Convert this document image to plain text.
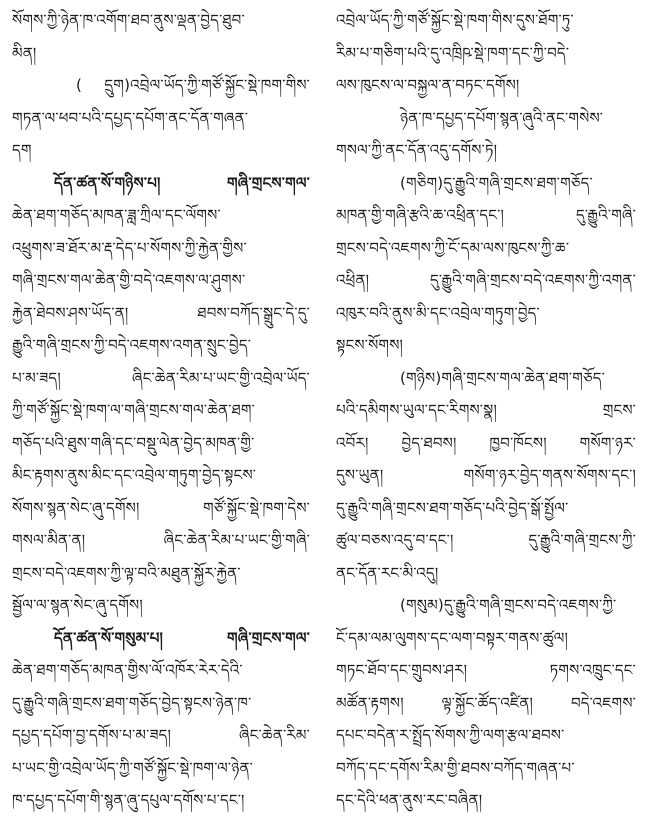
སོགས་ཀྱི་ཉེན་ཁ་འགོག་ཐབ་ནུས་ལྡན་བྱེད་ཐུབ་
མིན།
( དྲུག)འབྲེལ་ཡོད་ཀྱི་གཙོ་སྐྱོང་སྡེ་ཁག་གིས་
གཏན་ལ་ཕབ་པའི་དཔྱད་དཔོག་ནང་དོན་གཞན་
དག
དོན་ཚན་སོ་གཉིས་པ། གཞི་གྲངས་གལ་
ཆེན་ཐག་གཅོད་མཁན་ཟླ་ཀྲིལ་དང་ལོགས་
འཕྲུགས་ཟ་ཐོར་མ་རྡ་དེད་པ་སོགས་ཀྱི་རྐྱེན་གྱིས་
གཞི་གྲངས་གལ་ཆེན་གྱི་བདེ་འཇགས་ལ་ཤུགས་
རྐྱེན་ཐེབས་ཤས་ཡོད་ན། ཐབས་བཀོད་སྒྲུང་དེ་དུ་
རྒྱུའི་གཞི་གྲངས་ཀྱི་བདེ་འཇགས་འགན་སྲུང་བྱེད་
པ་མ་ཟད། ཞིང་ཆེན་རིམ་པ་ཡང་གྱི་འབྲེལ་ཡོད་
ཀྱི་གཙོ་སྐྱོང་སྡེ་ཁག་ལ་གཞི་གྲངས་གལ་ཆེན་ཐག་
གཅོད་པའི་ཐུས་གཞི་དང་བསྡུ་ལེན་བྱེད་མཁན་གྱི་
མིང་རྟགས་ནུས་མིང་དང་འབྲེལ་གཏུག་བྱེད་སྟངས་
སོགས་སྙན་སེང་ཞུ་དགོས། གཙོ་སྐྱོང་སྡེ་ཁག་དེས་
གསལ་མིན་ན། ཞིང་ཆེན་རིམ་པ་ཡང་གྱི་གཞི་
གྲངས་བདེ་འཇགས་ཀྱི་ལྟ་བའི་མཐུན་སྐྱོར་རྐྱེན་
སྦྱོལ་ལ་སྙན་སེང་ཞུ་དགོས།
དོན་ཚན་སོ་གསུམ་པ། གཞི་གྲངས་གལ་
ཆེན་ཐག་གཅོད་མཁན་གྱིས་ལོ་འཁོར་རེར་དེའི་
དུ་རྒྱུའི་གཞི་གྲངས་ཐག་གཅོད་བྱེད་སྟངས་ཉེན་ཁ་
དཔྱད་དཔོག་བྱ་དགོས་པ་མ་ཟད། ཞིང་ཆེན་རིམ་
པ་ཡང་གྱི་འབྲེལ་ཡོད་ཀྱི་གཙོ་སྐྱོང་སྡེ་ཁག་ལ་ཉེན་
ཁ་དཔྱད་དཔོག་གི་སྙན་ཞུ་དཔུལ་དགོས་པ་དང་།
འབྲེལ་ཡོད་ཀྱི་གཙོ་སྐྱོང་སྡེ་ཁག་གིས་དུས་ཐོག་ཏུ་
རིམ་པ་གཅིག་པའི་དུ་འཁྲིཥ་སྡེ་ཁག་དང་ཀྱི་བདེ་
ལས་ཁུངས་ལ་བསྐྱལ་ན་བཏང་དགོས།
ཉེན་ཁ་དཔྱད་དཔོག་སྙན་ཞུའི་ནང་གསེས་
གསལ་ཀྱི་ནང་དོན་འདུ་དགོས་ཏེ།
(གཅིག)དུ་རྒྱུའི་གཞི་གྲངས་ཐག་གཅོད་
མཁན་གྱི་གཞི་རྩའི་ཆ་འཕྲིན་དང་། དུ་རྒྱུའི་གཞི་
གྲངས་བདེ་འཇགས་ཀྱི་ངོ་དམ་ལས་ཁུངས་ཀྱི་ཆ་
འཕྲིན། དུ་རྒྱུའི་གཞི་གྲངས་བདེ་འཇགས་ཀྱི་འགན་
འཁུར་བའི་ནུས་མི་དང་འབྲེལ་གཏུག་བྱེད་
སྟངས་སོགས།
(གཉིས)གཞི་གྲངས་གལ་ཆེན་ཐག་གཅོད་
པའི་དམིགས་ཡུལ་དང་རིགས་སྣ། གྲངས་
འབོར། བྱེད་ཐབས། ཁྱབ་ཁོངས། གསོག་ཉར་
དུས་ཡུན། གསོག་ཉར་བྱེད་གནས་སོགས་དང་།
དུ་རྒྱུའི་གཞི་གྲངས་ཐག་གཅོད་པའི་བྱེད་སྒོ་སྤྱོལ་
ཚུལ་བཅས་འདུ་བ་དང་། དུ་རྒྱུའི་གཞི་གྲངས་ཀྱི་
ནང་དོན་རང་མི་འདུ།
(གསུམ)དུ་རྒྱུའི་གཞི་གྲངས་བདེ་འཇགས་ཀྱི་
ངོ་དམ་ལམ་ལུགས་དང་ལག་བསྟར་གནས་ཚུལ།
གཏང་ཐོབ་དང་གྲུབས་ཤར། ཏགས་འཁྲུང་དང་
མཚོན་རྟགས། ལྟ་སྐྱོང་ཚོད་འཛིན། བདེ་འཇགས་
དཔང་བདེན་ར་སྤྲོད་སོགས་ཀྱི་ལག་རྩལ་ཐབས་
བཀོད་དང་དགོས་རིམ་གྱི་ཐབས་བཀོད་གཞན་པ་
དང་དེའི་ཕན་ནུས་རང་བཞིན།
